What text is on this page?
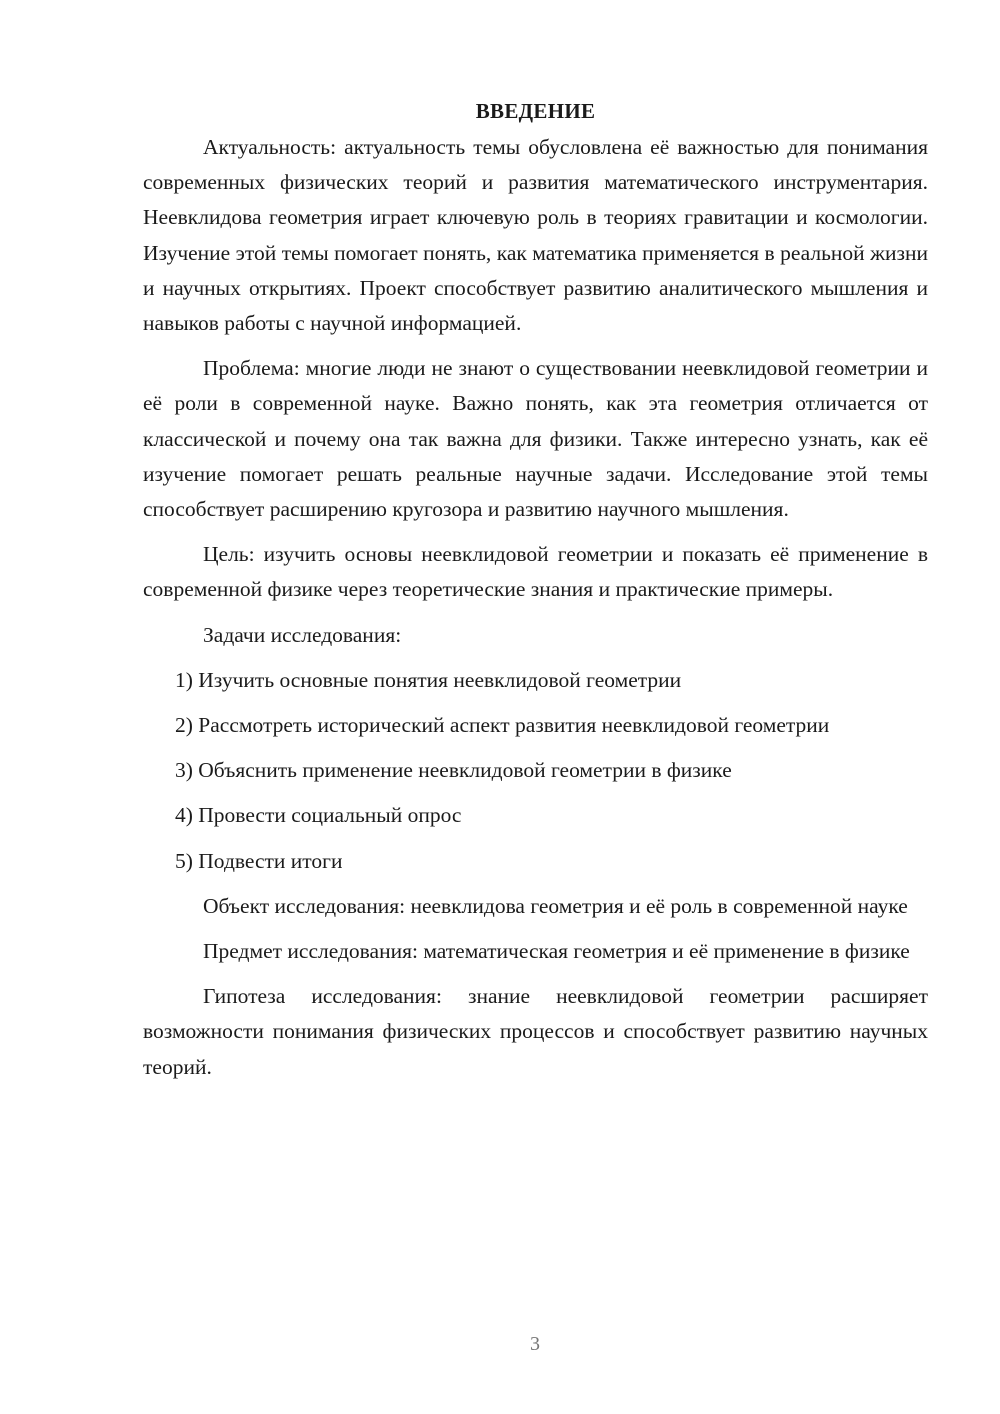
ВВЕДЕНИЕ

Актуальность: актуальность темы обусловлена её важностью для понимания современных физических теорий и развития математического инструментария. Неевклидова геометрия играет ключевую роль в теориях гравитации и космологии. Изучение этой темы помогает понять, как математика применяется в реальной жизни и научных открытиях. Проект способствует развитию аналитического мышления и навыков работы с научной информацией.

Проблема: многие люди не знают о существовании неевклидовой геометрии и её роли в современной науке. Важно понять, как эта геометрия отличается от классической и почему она так важна для физики. Также интересно узнать, как её изучение помогает решать реальные научные задачи. Исследование этой темы способствует расширению кругозора и развитию научного мышления.

Цель: изучить основы неевклидовой геометрии и показать её применение в современной физике через теоретические знания и практические примеры.

Задачи исследования:

1) Изучить основные понятия неевклидовой геометрии

2) Рассмотреть исторический аспект развития неевклидовой геометрии

3) Объяснить применение неевклидовой геометрии в физике

4) Провести социальный опрос

5) Подвести итоги

Объект исследования: неевклидова геометрия и её роль в современной науке

Предмет исследования: математическая геометрия и её применение в физике

Гипотеза исследования: знание неевклидовой геометрии расширяет возможности понимания физических процессов и способствует развитию научных теорий.

3
